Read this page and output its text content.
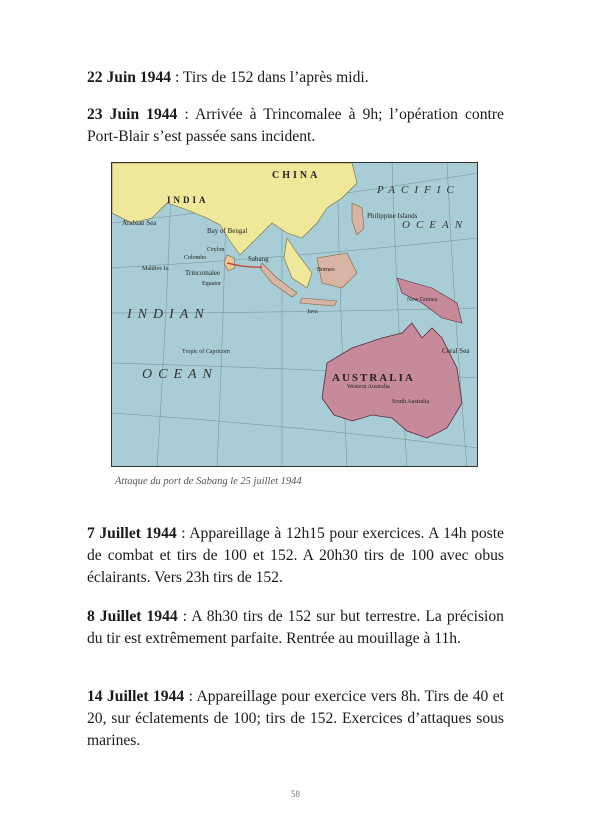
22 Juin 1944 : Tirs de 152 dans l’après midi.

23 Juin 1944 : Arrivée à Trincomalee à 9h; l’opération contre Port-Blair s’est passée sans incident.

Trincomalee
Sabang
CHINA
INDIA
Arabian Sea
Bay of Bengal
Ceylon
Colombo
Maldive Is.
Equator
Philippine Islands
Borneo
Java
New Guinea
Coral Sea
Western Australia
South Australia
Tropic of Capricorn
PACIFIC
OCEAN
INDIAN
OCEAN	AUSTRALIA
Attaque du port de Sabang le 25 juillet 1944

7 Juillet 1944 : Appareillage à 12h15 pour exercices. A 14h poste de combat et tirs de 100 et 152. A 20h30 tirs de 100 avec obus éclairants. Vers 23h tirs de 152.

8 Juillet 1944 : A 8h30 tirs de 152 sur but terrestre. La précision du tir est extrêmement parfaite. Rentrée au mouillage à 11h.

14 Juillet 1944 : Appareillage pour exercice vers 8h. Tirs de 40 et 20, sur éclatements de 100; tirs de 152. Exercices d’attaques sous marines.

58
